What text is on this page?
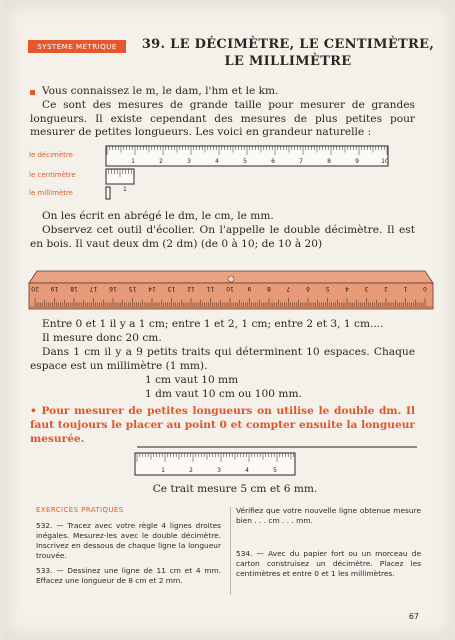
SYSTÈME MÉTRIQUE	39. LE DÉCIMÈTRE, LE CENTIMÈTRE,
LE MILLIMÈTRE
Vous connaissez le m, le dam, l'hm et le km.
Ce sont des mesures de grande taille pour mesurer de grandes longueurs. Il existe cependant des mesures de plus petites pour mesurer de petites longueurs. Les voici en grandeur naturelle :
le décimètre
1	2	3	4	5	6	7	8	9	10
le centimètre
le millimètre	1
On les écrit en abrégé le dm, le cm, le mm.
Observez cet outil d'écolier. On l'appelle le double décimètre. Il est en bois. Il vaut deux dm (2 dm) (de 0 à 10; de 10 à 20)
20 19 18 17 16 15 14 13 12 11 10 9	8	7	6	5	4	3	2	1	0
Entre 0 et 1 il y a 1 cm; entre 1 et 2, 1 cm; entre 2 et 3, 1 cm....
Il mesure donc 20 cm.
Dans 1 cm il y a 9 petits traits qui déterminent 10 espaces. Chaque espace est un millimètre (1 mm).
1 cm vaut 10 mm
1 dm vaut 10 cm ou 100 mm.
• Pour mesurer de petites longueurs on utilise le double dm. Il faut toujours le placer au point 0 et compter ensuite la longueur mesurée.
1	2	3	4	5
Ce trait mesure 5 cm et 6 mm.
EXERCICES PRATIQUES
532. — Tracez avec votre règle 4 lignes droites inégales. Mesurez-les avec le double décimètre. Inscrivez en dessous de chaque ligne la longueur trouvée.
533. — Dessinez une ligne de 11 cm et 4 mm. Effacez une longueur de 8 cm et 2 mm.
Vérifiez que votre nouvelle ligne obtenue mesure bien . . . cm . . . mm.
534. — Avec du papier fort ou un morceau de carton construisez un décimètre. Placez les centimètres et entre 0 et 1 les millimètres.
67
